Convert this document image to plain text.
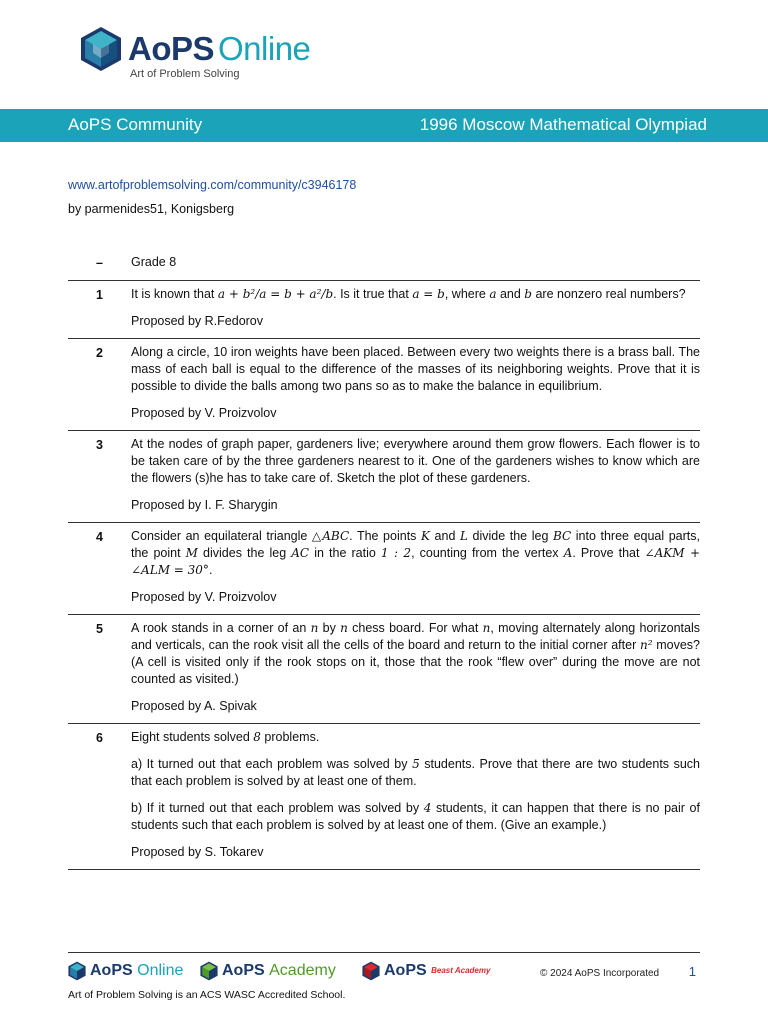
AoPS Online
Art of Problem Solving
AoPS Community	1996 Moscow Mathematical Olympiad
www.artofproblemsolving.com/community/c3946178
by parmenides51, Konigsberg
–	Grade 8

1	It is known that a + b²/a = b + a²/b. Is it true that a = b, where a and b are nonzero real numbers?

Proposed by R.Fedorov

2	Along a circle, 10 iron weights have been placed. Between every two weights there is a brass ball. The mass of each ball is equal to the difference of the masses of its neighboring weights. Prove that it is possible to divide the balls among two pans so as to make the balance in equilibrium.

Proposed by V. Proizvolov

3	At the nodes of graph paper, gardeners live; everywhere around them grow flowers. Each flower is to be taken care of by the three gardeners nearest to it. One of the gardeners wishes to know which are the flowers (s)he has to take care of. Sketch the plot of these gardeners.

Proposed by I. F. Sharygin

4	Consider an equilateral triangle △ABC. The points K and L divide the leg BC into three equal parts, the point M divides the leg AC in the ratio 1 : 2, counting from the vertex A. Prove that ∠AKM + ∠ALM = 30°.

Proposed by V. Proizvolov

5	A rook stands in a corner of an n by n chess board. For what n, moving alternately along horizontals and verticals, can the rook visit all the cells of the board and return to the initial corner after n² moves? (A cell is visited only if the rook stops on it, those that the rook “flew over” during the move are not counted as visited.)

Proposed by A. Spivak

6	Eight students solved 8 problems.

a) It turned out that each problem was solved by 5 students. Prove that there are two students such that each problem is solved by at least one of them.

b) If it turned out that each problem was solved by 4 students, it can happen that there is no pair of students such that each problem is solved by at least one of them. (Give an example.)

Proposed by S. Tokarev

AoPS Online AoPS Academy	AoPS Beast Academy	© 2024 AoPS Incorporated 1
Art of Problem Solving is an ACS WASC Accredited School.
